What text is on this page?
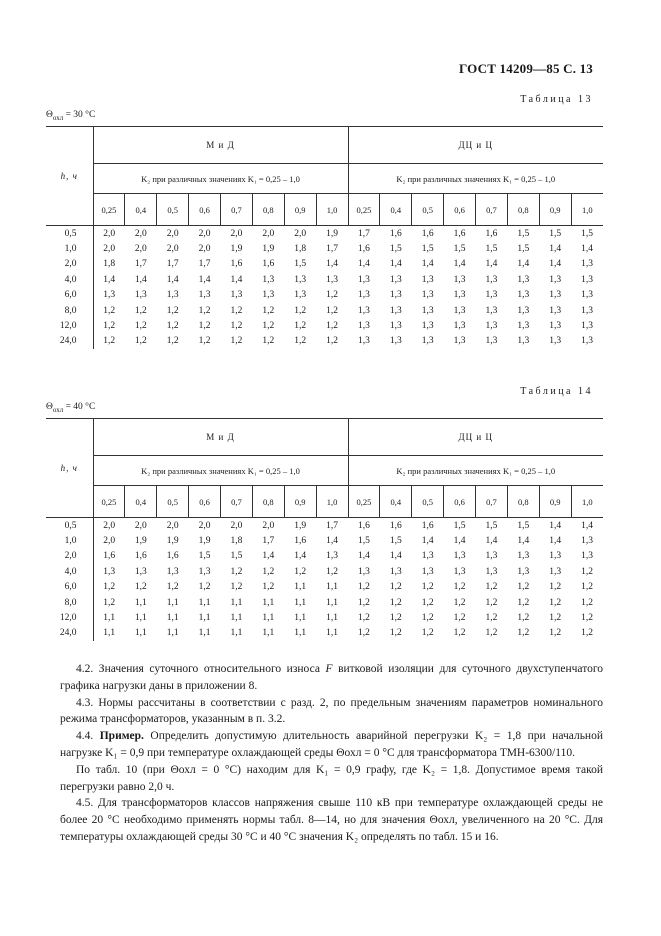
ГОСТ 14209—85 С. 13
Таблица 13
$\Theta_{охл} = 30$ °С
h, ч	М и Д								ДЦ и Ц							
	K₂ при различных значениях K₁ = 0,25 – 1,0								K₂ при различных значениях K₁ = 0,25 – 1,0							
	0,25	0,4	0,5	0,6	0,7	0,8	0,9	1,0	0,25	0,4	0,5	0,6	0,7	0,8	0,9	1,0
0,5	2,0	2,0	2,0	2,0	2,0	2,0	2,0	1,9	1,7	1,6	1,6	1,6	1,6	1,5	1,5	1,5
1,0	2,0	2,0	2,0	2,0	1,9	1,9	1,8	1,7	1,6	1,5	1,5	1,5	1,5	1,5	1,4	1,4
2,0	1,8	1,7	1,7	1,7	1,6	1,6	1,5	1,4	1,4	1,4	1,4	1,4	1,4	1,4	1,4	1,3
4,0	1,4	1,4	1,4	1,4	1,4	1,3	1,3	1,3	1,3	1,3	1,3	1,3	1,3	1,3	1,3	1,3
6,0	1,3	1,3	1,3	1,3	1,3	1,3	1,3	1,2	1,3	1,3	1,3	1,3	1,3	1,3	1,3	1,3
8,0	1,2	1,2	1,2	1,2	1,2	1,2	1,2	1,2	1,3	1,3	1,3	1,3	1,3	1,3	1,3	1,3
12,0	1,2	1,2	1,2	1,2	1,2	1,2	1,2	1,2	1,3	1,3	1,3	1,3	1,3	1,3	1,3	1,3
24,0	1,2	1,2	1,2	1,2	1,2	1,2	1,2	1,2	1,3	1,3	1,3	1,3	1,3	1,3	1,3	1,3
Таблица 14
$\Theta_{охл} = 40$ °С
h, ч	М и Д								ДЦ и Ц							
	K₂ при различных значениях K₁ = 0,25 – 1,0								K₂ при различных значениях K₁ = 0,25 – 1,0							
	0,25	0,4	0,5	0,6	0,7	0,8	0,9	1,0	0,25	0,4	0,5	0,6	0,7	0,8	0,9	1,0
0,5	2,0	2,0	2,0	2,0	2,0	2,0	1,9	1,7	1,6	1,6	1,6	1,5	1,5	1,5	1,4	1,4
1,0	2,0	1,9	1,9	1,9	1,8	1,7	1,6	1,4	1,5	1,5	1,4	1,4	1,4	1,4	1,4	1,3
2,0	1,6	1,6	1,6	1,5	1,5	1,4	1,4	1,3	1,4	1,4	1,3	1,3	1,3	1,3	1,3	1,3
4,0	1,3	1,3	1,3	1,3	1,2	1,2	1,2	1,2	1,3	1,3	1,3	1,3	1,3	1,3	1,3	1,2
6,0	1,2	1,2	1,2	1,2	1,2	1,2	1,1	1,1	1,2	1,2	1,2	1,2	1,2	1,2	1,2	1,2
8,0	1,2	1,1	1,1	1,1	1,1	1,1	1,1	1,1	1,2	1,2	1,2	1,2	1,2	1,2	1,2	1,2
12,0	1,1	1,1	1,1	1,1	1,1	1,1	1,1	1,1	1,2	1,2	1,2	1,2	1,2	1,2	1,2	1,2
24,0	1,1	1,1	1,1	1,1	1,1	1,1	1,1	1,1	1,2	1,2	1,2	1,2	1,2	1,2	1,2	1,2

4.2. Значения суточного относительного износа F витковой изоляции для суточного двухступенчатого графика нагрузки даны в приложении 8.

4.3. Нормы рассчитаны в соответствии с разд. 2, по предельным значениям параметров номинального режима трансформаторов, указанным в п. 3.2.

4.4. Пример. Определить допустимую длительность аварийной перегрузки K₂ = 1,8 при начальной нагрузке K₁ = 0,9 при температуре охлаждающей среды Θохл = 0 °С для трансформатора ТМН-6300/110.

По табл. 10 (при Θохл = 0 °С) находим для K₁ = 0,9 графу, где K₂ = 1,8. Допустимое время такой перегрузки равно 2,0 ч.

4.5. Для трансформаторов классов напряжения свыше 110 кВ при температуре охлаждающей среды не более 20 °С необходимо применять нормы табл. 8—14, но для значения Θохл, увеличенного на 20 °С. Для температуры охлаждающей среды 30 °С и 40 °С значения K₂ определять по табл. 15 и 16.
